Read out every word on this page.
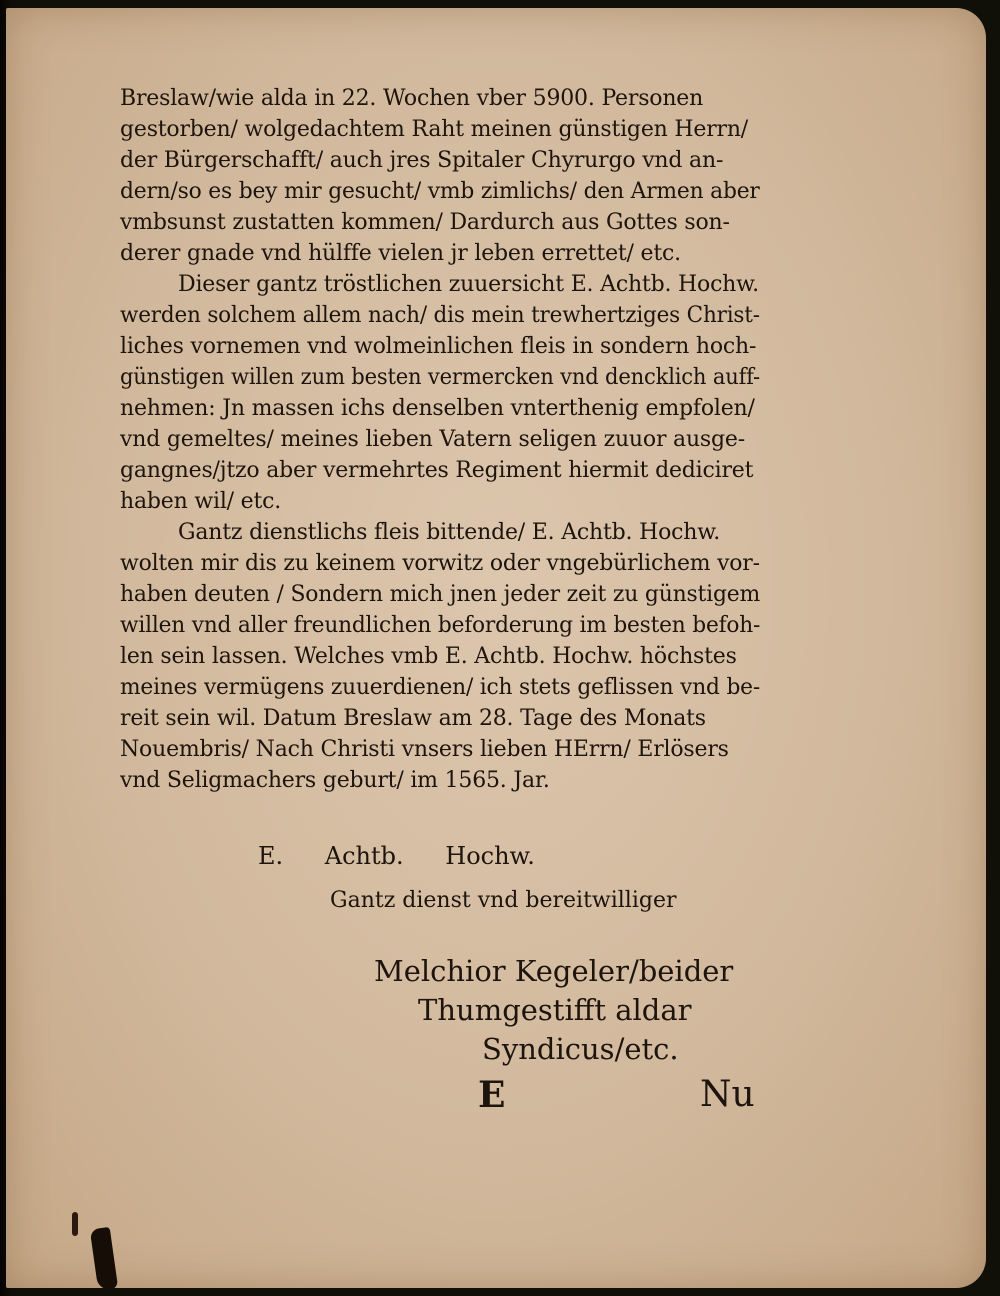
Breslaw/wie alda in 22. Wochen vber 5900. Personen
gestorben/ wolgedachtem Raht meinen günstigen Herrn/
der Bürgerschafft/ auch jres Spitaler Chyrurgo vnd an-
dern/so es bey mir gesucht/ vmb zimlichs/ den Armen aber
vmbsunst zustatten kommen/ Dardurch aus Gottes son-
derer gnade vnd hülffe vielen jr leben errettet/ etc.
Dieser gantz tröstlichen zuuersicht E. Achtb. Hochw.
werden solchem allem nach/ dis mein trewhertziges Christ-
liches vornemen vnd wolmeinlichen fleis in sondern hoch-
günstigen willen zum besten vermercken vnd dencklich auff-
nehmen: Jn massen ichs denselben vnterthenig empfolen/
vnd gemeltes/ meines lieben Vatern seligen zuuor ausge-
gangnes/jtzo aber vermehrtes Regiment hiermit dediciret
haben wil/ etc.
Gantz dienstlichs fleis bittende/ E. Achtb. Hochw.
wolten mir dis zu keinem vorwitz oder vngebürlichem vor-
haben deuten / Sondern mich jnen jeder zeit zu günstigem
willen vnd aller freundlichen beforderung im besten befoh-
len sein lassen. Welches vmb E. Achtb. Hochw. höchstes
meines vermügens zuuerdienen/ ich stets geflissen vnd be-
reit sein wil. Datum Breslaw am 28. Tage des Monats
Nouembris/ Nach Christi vnsers lieben HErrn/ Erlösers
vnd Seligmachers geburt/ im 1565. Jar.
E. Achtb. Hochw.
Gantz dienst vnd bereitwilliger
Melchior Kegeler/beider
Thumgestifft aldar
Syndicus/etc.
E	Nu
